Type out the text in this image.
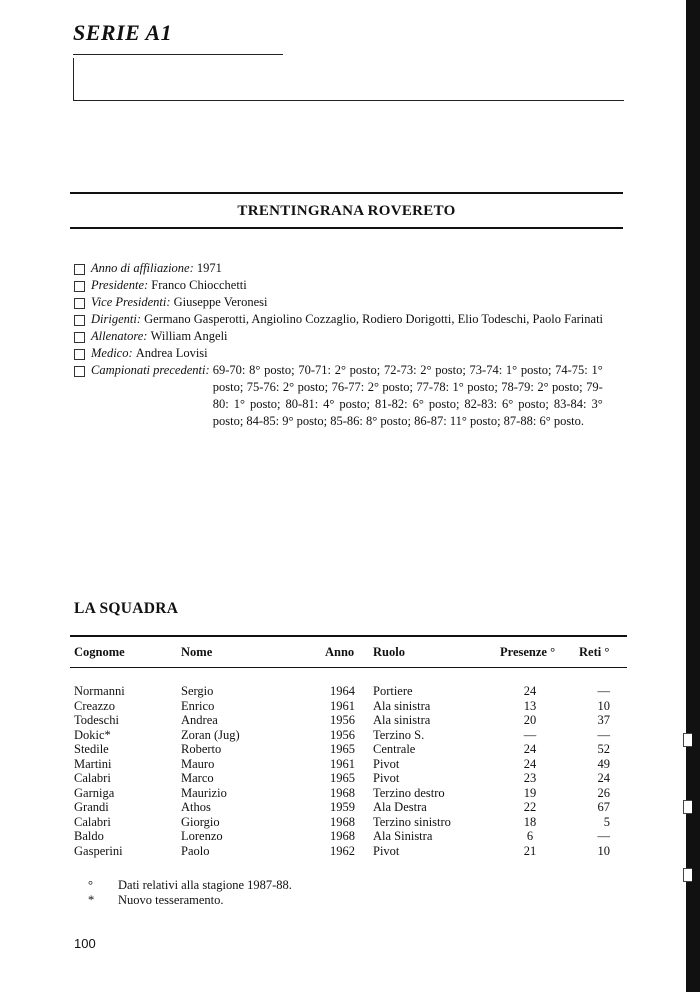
SERIE A1
TRENTINGRANA ROVERETO
Anno di affiliazione:
1971
Presidente:
Franco Chiocchetti
Vice Presidenti:
Giuseppe Veronesi
Dirigenti: Germano Gasperotti, Angiolino Cozzaglio, Rodiero Dorigotti, Elio Todeschi, Paolo Farinati
Allenatore:
William Angeli
Medico:
Andrea Lovisi
Campionati precedenti:
69-70: 8° posto; 70-71: 2° posto; 72-73: 2° posto; 73-74: 1° posto; 74-75: 1° posto; 75-76: 2° posto; 76-77: 2° posto; 77-78: 1° posto; 78-79: 2° posto; 79-80: 1° posto; 80-81: 4° posto; 81-82: 6° posto; 82-83: 6° posto; 83-84: 3° posto; 84-85: 9° posto; 85-86: 8° posto; 86-87: 11° posto; 87-88: 6° posto.
LA SQUADRA
Cognome	Nome	Anno Ruolo	Presenze ° Reti °
Normanni	Sergio	1964 Portiere	24	—
Creazzo	Enrico	1961 Ala sinistra	13	10
Todeschi	Andrea	1956 Ala sinistra	20	37
Dokic*	Zoran (Jug)	1956 Terzino S.	—	—
Stedile	Roberto	1965 Centrale	24	52
Martini	Mauro	1961 Pivot	24	49
Calabri	Marco	1965 Pivot	23	24
Garniga	Maurizio	1968 Terzino destro	19	26
Grandi	Athos	1959 Ala Destra	22	67
Calabri	Giorgio	1968 Terzino sinistro	18	5
Baldo	Lorenzo	1968 Ala Sinistra	6	—
Gasperini	Paolo	1962 Pivot	21	10
°	Dati relativi alla stagione 1987-88.
*	Nuovo tesseramento.
100
